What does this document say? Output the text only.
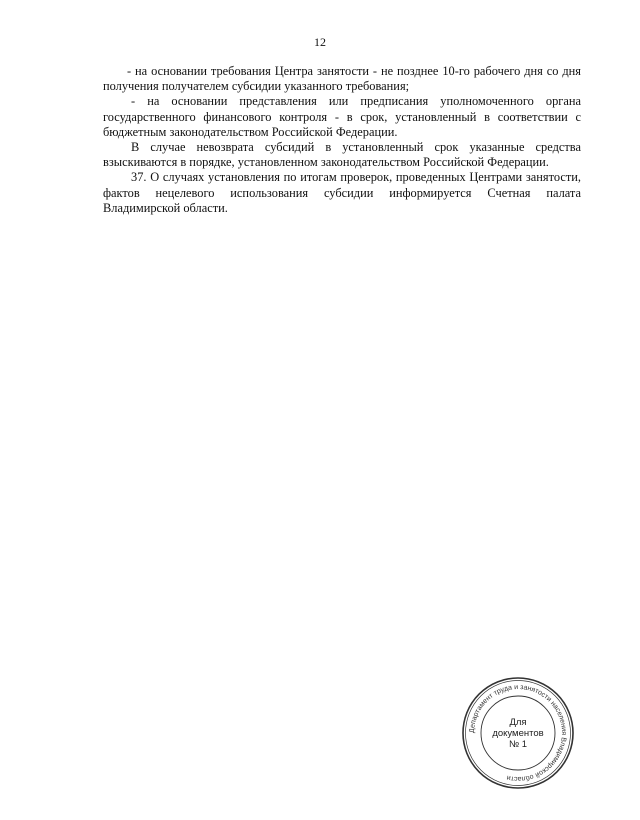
12

- на основании требования Центра занятости - не позднее 10-го рабочего дня со дня получения получателем субсидии указанного требования;

- на основании представления или предписания уполномоченного органа государственного финансового контроля - в срок, установленный в соответствии с бюджетным законодательством Российской Федерации.

В случае невозврата субсидий в установленный срок указанные средства взыскиваются в порядке, установленном законодательством Российской Федерации.

37. О случаях установления по итогам проверок, проведенных Центрами занятости, фактов нецелевого использования субсидии информируется Счетная палата Владимирской области.

Департамент труда и занятости населения Владимирской области
Для
документов
№ 1
